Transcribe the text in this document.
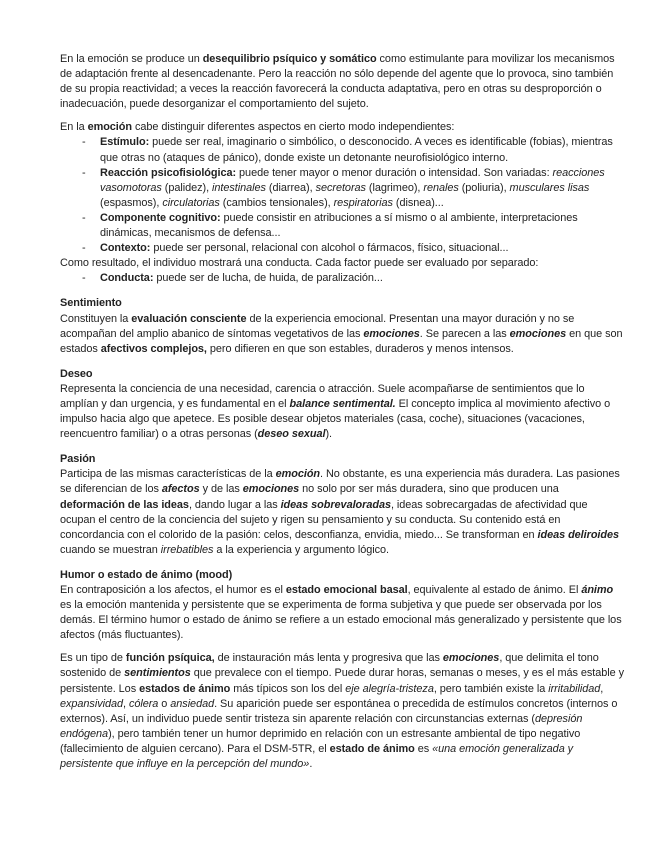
En la emoción se produce un desequilibrio psíquico y somático como estimulante para movilizar los mecanismos de adaptación frente al desencadenante. Pero la reacción no sólo depende del agente que lo provoca, sino también de su propia reactividad; a veces la reacción favorecerá la conducta adaptativa, pero en otras su desproporción o inadecuación, puede desorganizar el comportamiento del sujeto.

En la emoción cabe distinguir diferentes aspectos en cierto modo independientes:

- Estímulo: puede ser real, imaginario o simbólico, o desconocido. A veces es identificable (fobias), mientras que otras no (ataques de pánico), donde existe un detonante neurofisiológico interno.
- Reacción psicofisiológica: puede tener mayor o menor duración o intensidad. Son variadas: reacciones vasomotoras (palidez), intestinales (diarrea), secretoras (lagrimeo), renales (poliuria), musculares lisas (espasmos), circulatorias (cambios tensionales), respiratorias (disnea)...
- Componente cognitivo: puede consistir en atribuciones a sí mismo o al ambiente, interpretaciones dinámicas, mecanismos de defensa...
- Contexto: puede ser personal, relacional con alcohol o fármacos, físico, situacional...

Como resultado, el individuo mostrará una conducta. Cada factor puede ser evaluado por separado:

- Conducta: puede ser de lucha, de huida, de paralización...

Sentimiento

Constituyen la evaluación consciente de la experiencia emocional. Presentan una mayor duración y no se acompañan del amplio abanico de síntomas vegetativos de las emociones. Se parecen a las emociones en que son estados afectivos complejos, pero difieren en que son estables, duraderos y menos intensos.

Deseo

Representa la conciencia de una necesidad, carencia o atracción. Suele acompañarse de sentimientos que lo amplían y dan urgencia, y es fundamental en el balance sentimental. El concepto implica al movimiento afectivo o impulso hacia algo que apetece. Es posible desear objetos materiales (casa, coche), situaciones (vacaciones, reencuentro familiar) o a otras personas (deseo sexual).

Pasión

Participa de las mismas características de la emoción. No obstante, es una experiencia más duradera. Las pasiones se diferencian de los afectos y de las emociones no solo por ser más duradera, sino que producen una deformación de las ideas, dando lugar a las ideas sobrevaloradas, ideas sobrecargadas de afectividad que ocupan el centro de la conciencia del sujeto y rigen su pensamiento y su conducta. Su contenido está en concordancia con el colorido de la pasión: celos, desconfianza, envidia, miedo... Se transforman en ideas deliroides cuando se muestran irrebatibles a la experiencia y argumento lógico.

Humor o estado de ánimo (mood)

En contraposición a los afectos, el humor es el estado emocional basal, equivalente al estado de ánimo. El ánimo es la emoción mantenida y persistente que se experimenta de forma subjetiva y que puede ser observada por los demás. El término humor o estado de ánimo se refiere a un estado emocional más generalizado y persistente que los afectos (más fluctuantes).

Es un tipo de función psíquica, de instauración más lenta y progresiva que las emociones, que delimita el tono sostenido de sentimientos que prevalece con el tiempo. Puede durar horas, semanas o meses, y es el más estable y persistente. Los estados de ánimo más típicos son los del eje alegría-tristeza, pero también existe la irritabilidad, expansividad, cólera o ansiedad. Su aparición puede ser espontánea o precedida de estímulos concretos (internos o externos). Así, un individuo puede sentir tristeza sin aparente relación con circunstancias externas (depresión endógena), pero también tener un humor deprimido en relación con un estresante ambiental de tipo negativo (fallecimiento de alguien cercano). Para el DSM-5TR, el estado de ánimo es «una emoción generalizada y persistente que influye en la percepción del mundo».
